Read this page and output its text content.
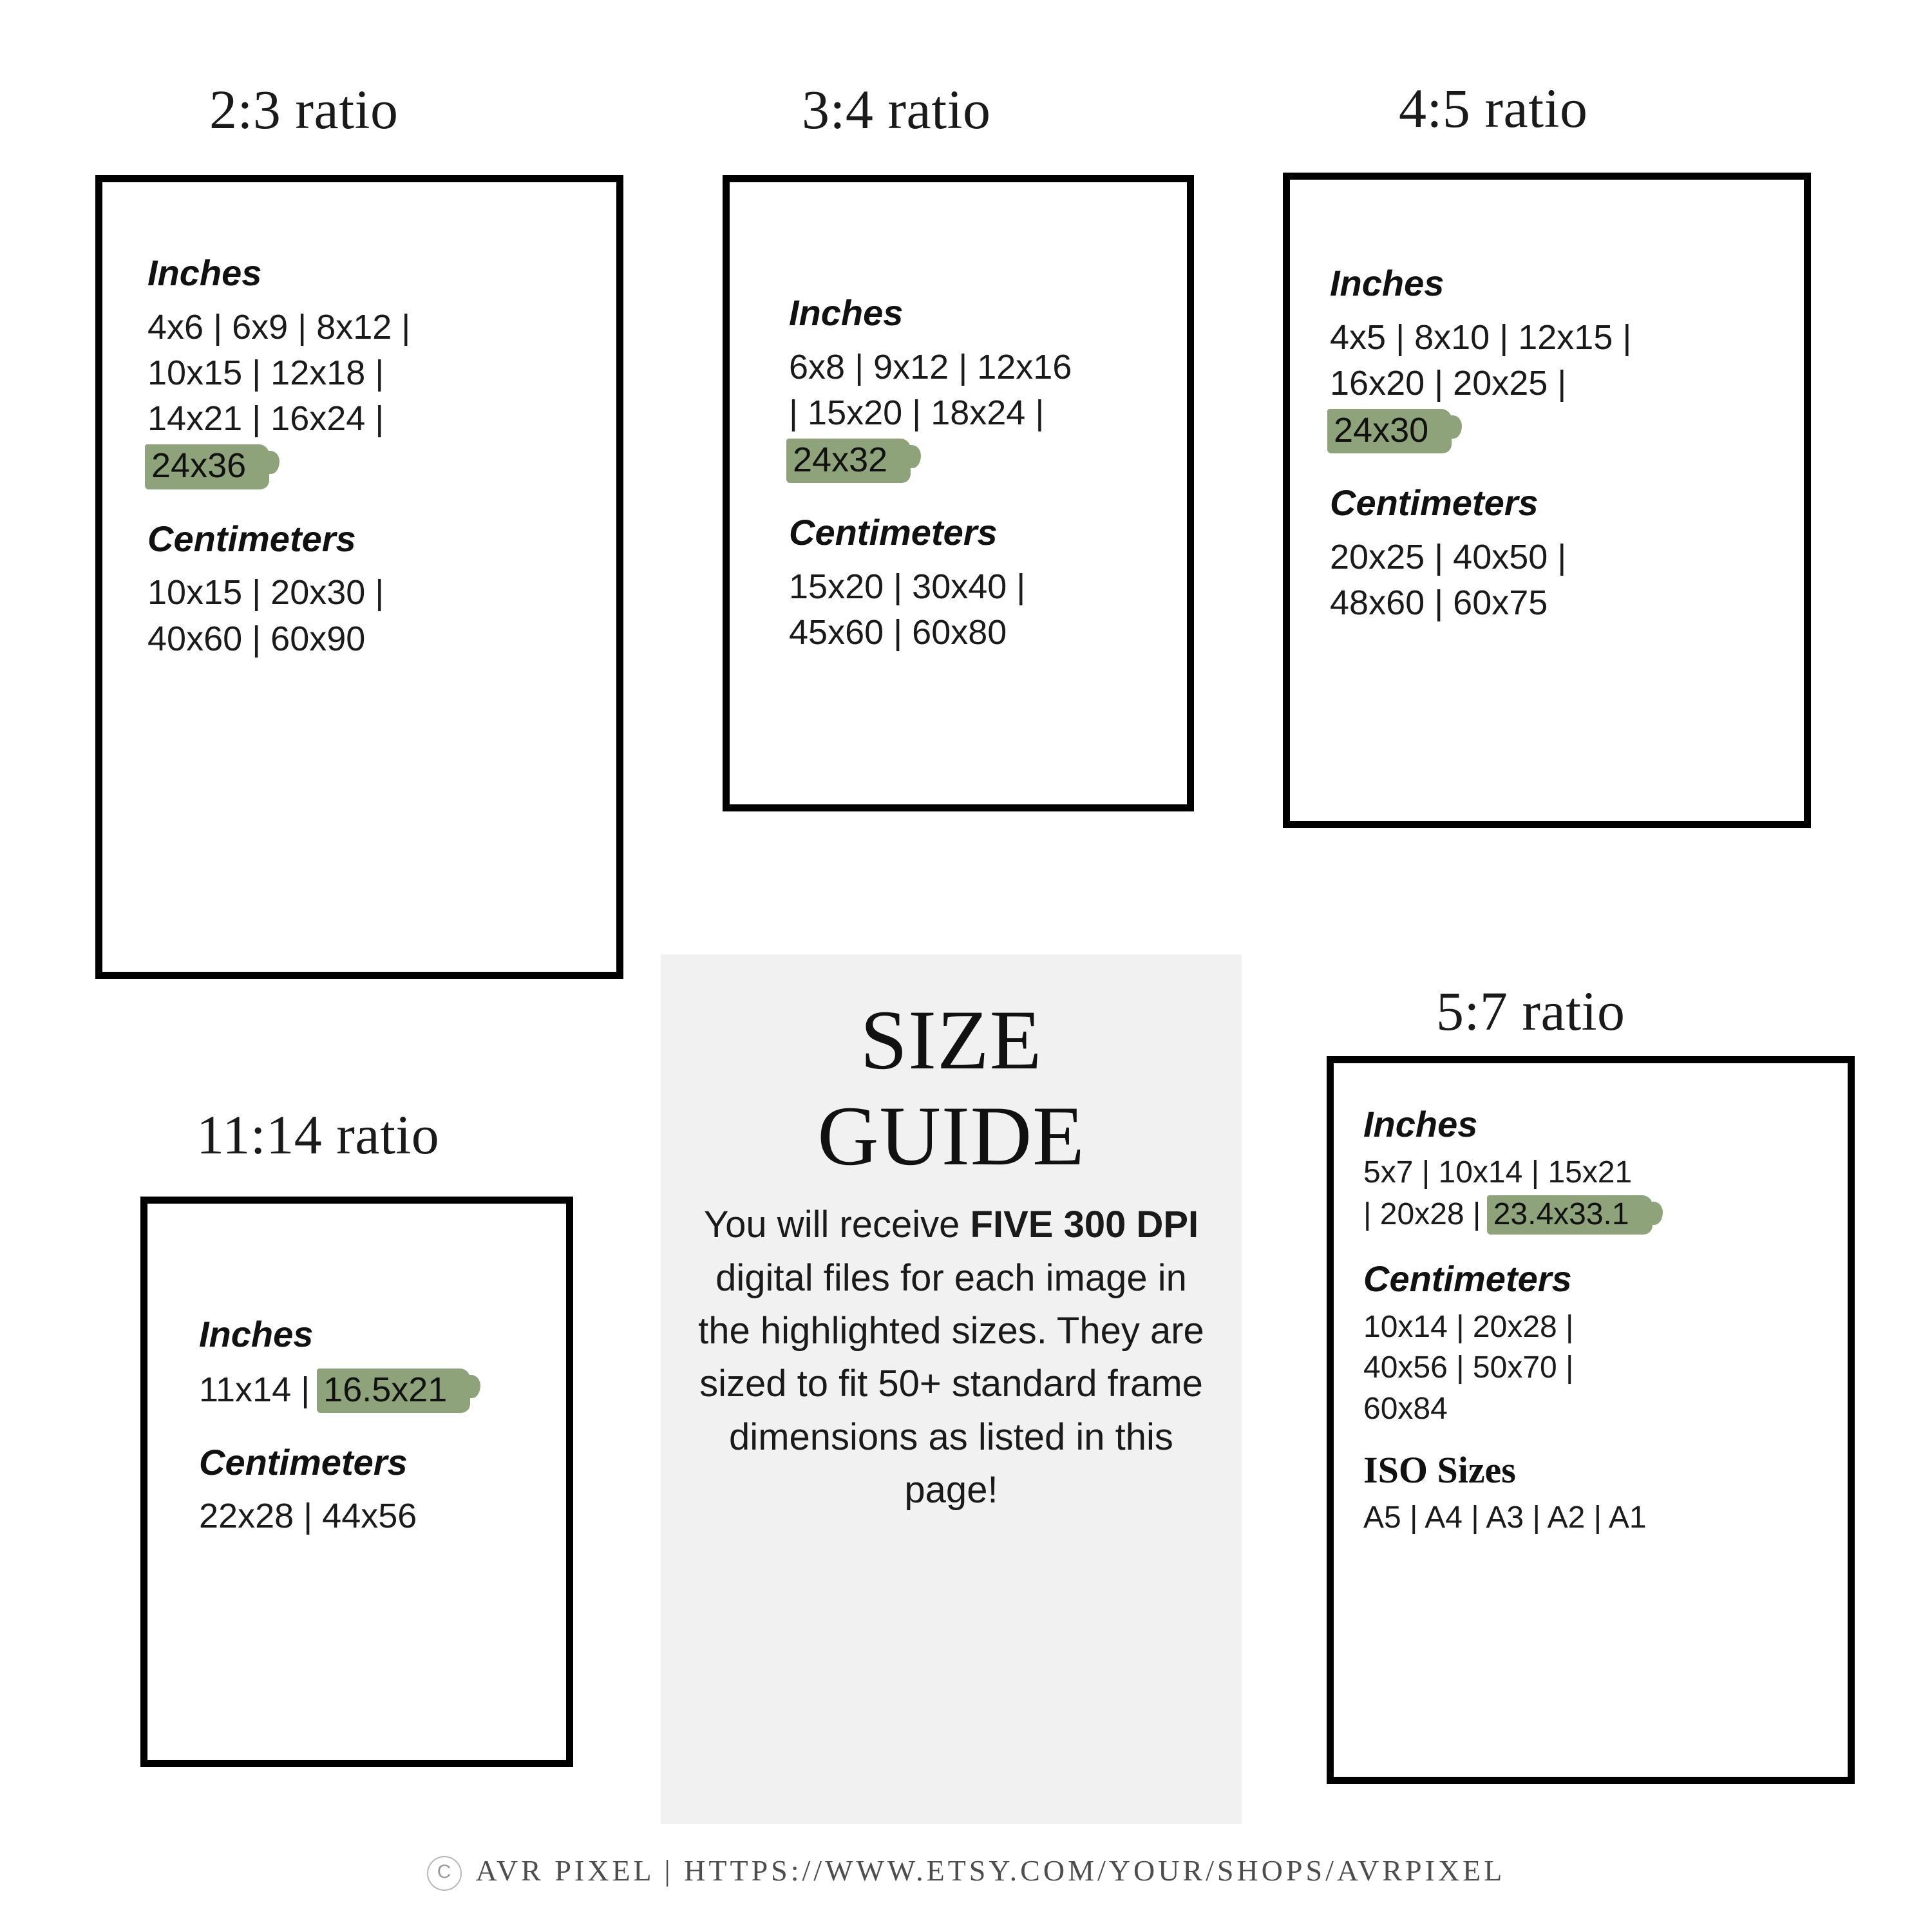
2:3 ratio
Inches
4x6 | 6x9 | 8x12 |
10x15 | 12x18 |
14x21 | 16x24 |
24x36
Centimeters
10x15 | 20x30 |
40x60 | 60x90
3:4 ratio
Inches
6x8 | 9x12 | 12x16
| 15x20 | 18x24 |
24x32
Centimeters
15x20 | 30x40 |
45x60 | 60x80
4:5 ratio
Inches
4x5 | 8x10 | 12x15 |
16x20 | 20x25 |
24x30
Centimeters
20x25 | 40x50 |
48x60 | 60x75
11:14 ratio
Inches
11x14 | 16.5x21
Centimeters
22x28 | 44x56
5:7 ratio
Inches
5x7 | 10x14 | 15x21
| 20x28 | 23.4x33.1
Centimeters
10x14 | 20x28 |
40x56 | 50x70 |
60x84
ISO Sizes
A5 | A4 | A3 | A2 | A1
SIZE
GUIDE
You will receive FIVE 300 DPI digital files for each image in the highlighted sizes. They are sized to fit 50+ standard frame dimensions as listed in this page!
C AVR PIXEL | HTTPS://WWW.ETSY.COM/YOUR/SHOPS/AVRPIXEL
